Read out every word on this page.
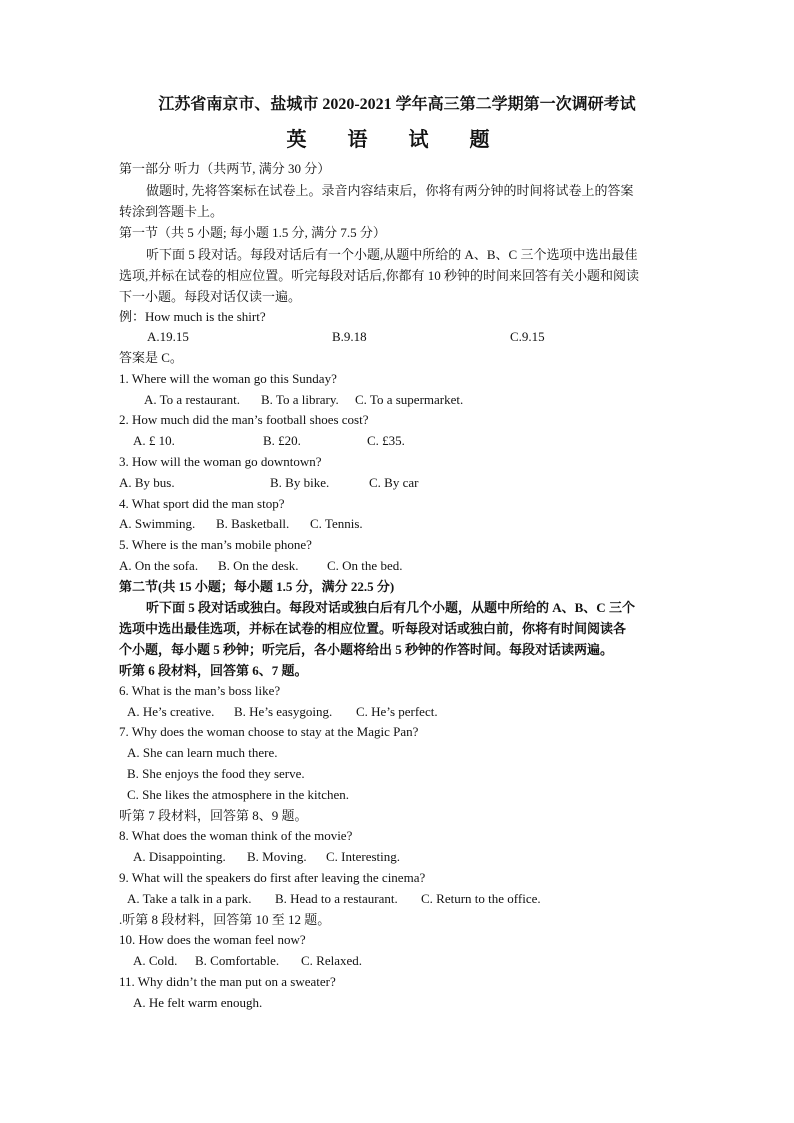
江苏省南京市、盐城市 2020-2021 学年高三第二学期第一次调研考试
英 语 试 题
第一部分 听力（共两节, 满分 30 分）
做题时, 先将答案标在试卷上。录音内容结束后，你将有两分钟的时间将试卷上的答案
转涂到答题卡上。
第一节（共 5 小题; 每小题 1.5 分, 满分 7.5 分）
听下面 5 段对话。每段对话后有一个小题,从题中所给的 A、B、C 三个选项中选出最佳
选项,并标在试卷的相应位置。听完每段对话后,你都有 10 秒钟的时间来回答有关小题和阅读
下一小题。每段对话仅读一遍。
例：How much is the shirt?
A.19.15	B.9.18	C.9.15
答案是 C。
1. Where will the woman go this Sunday?
A. To a restaurant. B. To a library. C. To a supermarket.
2. How much did the man’s football shoes cost?
A. £ 10.	B. £20.	C. £35.
3. How will the woman go downtown?
A. By bus.	B. By bike.	C. By car
4. What sport did the man stop?
A. Swimming. B. Basketball. C. Tennis.
5. Where is the man’s mobile phone?
A. On the sofa. B. On the desk. C. On the bed.
第二节(共 15 小题；每小题 1.5 分，满分 22.5 分)
听下面 5 段对话或独白。每段对话或独白后有几个小题，从题中所给的 A、B、C 三个
选项中选出最佳选项，并标在试卷的相应位置。听每段对话或独白前，你将有时间阅读各
个小题，每小题 5 秒钟；听完后，各小题将给出 5 秒钟的作答时间。每段对话读两遍。
听第 6 段材料，回答第 6、7 题。
6. What is the man’s boss like?
A. He’s creative. B. He’s easygoing. C. He’s perfect.
7. Why does the woman choose to stay at the Magic Pan?
A. She can learn much there.
B. She enjoys the food they serve.
C. She likes the atmosphere in the kitchen.
听第 7 段材料，回答第 8、9 题。
8. What does the woman think of the movie?
A. Disappointing. B. Moving. C. Interesting.
9. What will the speakers do first after leaving the cinema?
A. Take a talk in a park. B. Head to a restaurant. C. Return to the office.
.听第 8 段材料，回答第 10 至 12 题。
10. How does the woman feel now?
A. Cold. B. Comfortable. C. Relaxed.
11. Why didn’t the man put on a sweater?
A. He felt warm enough.
